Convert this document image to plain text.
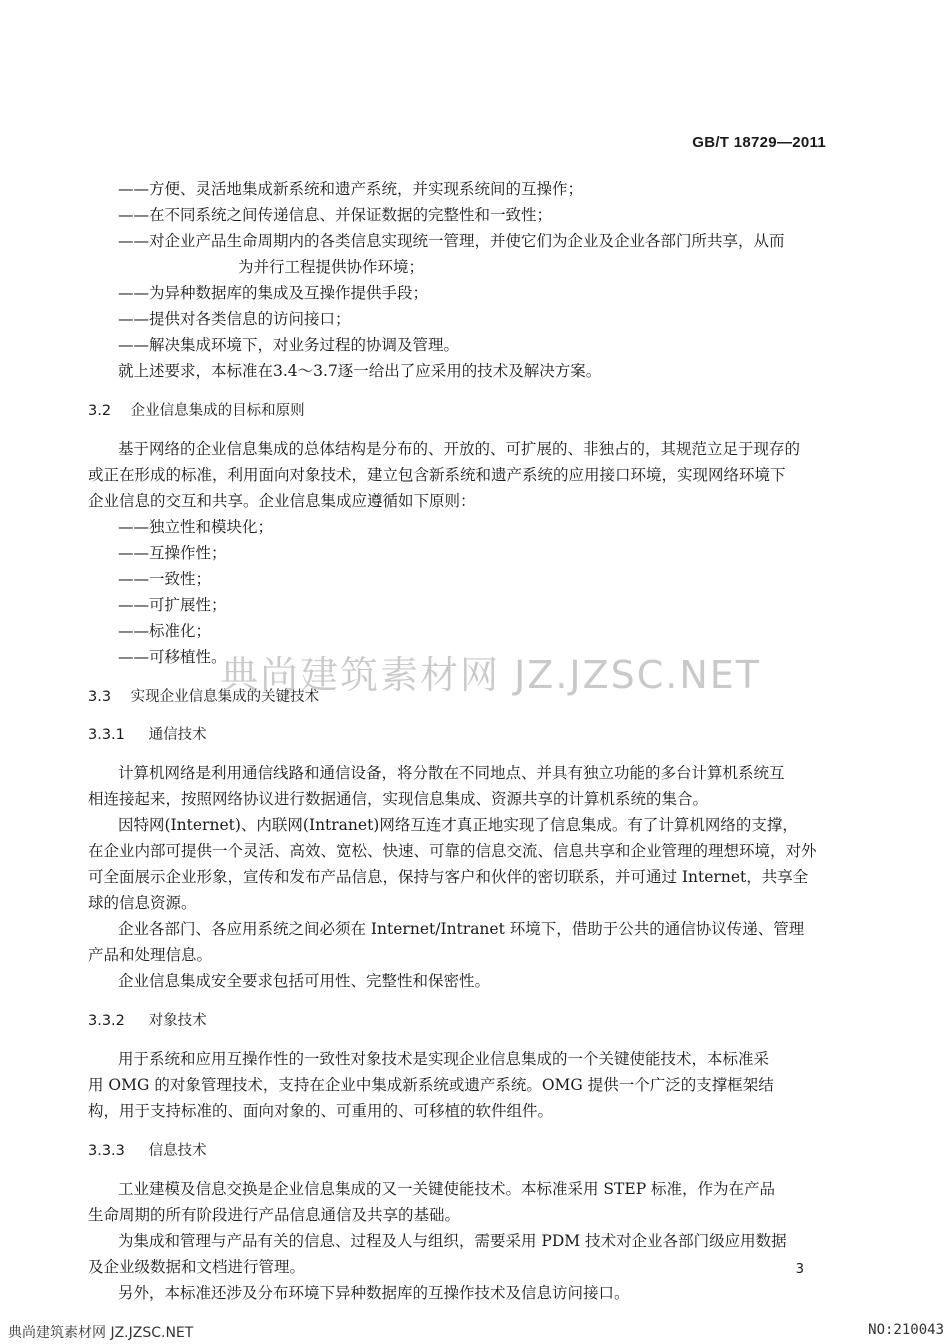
GB/T 18729—2011
——方便、灵活地集成新系统和遗产系统，并实现系统间的互操作；
——在不同系统之间传递信息、并保证数据的完整性和一致性；
——对企业产品生命周期内的各类信息实现统一管理，并使它们为企业及企业各部门所共享，从而
为并行工程提供协作环境；
——为异种数据库的集成及互操作提供手段；
——提供对各类信息的访问接口；
——解决集成环境下，对业务过程的协调及管理。
就上述要求，本标准在3.4～3.7逐一给出了应采用的技术及解决方案。
3.2 企业信息集成的目标和原则
基于网络的企业信息集成的总体结构是分布的、开放的、可扩展的、非独占的，其规范立足于现存的
或正在形成的标准，利用面向对象技术，建立包含新系统和遗产系统的应用接口环境，实现网络环境下
企业信息的交互和共享。企业信息集成应遵循如下原则：
——独立性和模块化；
——互操作性；
——一致性；
——可扩展性；
——标准化；
——可移植性。
3.3 实现企业信息集成的关键技术
3.3.1 通信技术
计算机网络是利用通信线路和通信设备，将分散在不同地点、并具有独立功能的多台计算机系统互
相连接起来，按照网络协议进行数据通信，实现信息集成、资源共享的计算机系统的集合。
因特网(Internet)、内联网(Intranet)网络互连才真正地实现了信息集成。有了计算机网络的支撑，
在企业内部可提供一个灵活、高效、宽松、快速、可靠的信息交流、信息共享和企业管理的理想环境，对外
可全面展示企业形象，宣传和发布产品信息，保持与客户和伙伴的密切联系，并可通过 Internet，共享全
球的信息资源。
企业各部门、各应用系统之间必须在 Internet/Intranet 环境下，借助于公共的通信协议传递、管理
产品和处理信息。
企业信息集成安全要求包括可用性、完整性和保密性。
3.3.2 对象技术
用于系统和应用互操作性的一致性对象技术是实现企业信息集成的一个关键使能技术，本标准采
用 OMG 的对象管理技术，支持在企业中集成新系统或遗产系统。OMG 提供一个广泛的支撑框架结
构，用于支持标准的、面向对象的、可重用的、可移植的软件组件。
3.3.3 信息技术
工业建模及信息交换是企业信息集成的又一关键使能技术。本标准采用 STEP 标准，作为在产品
生命周期的所有阶段进行产品信息通信及共享的基础。
为集成和管理与产品有关的信息、过程及人与组织，需要采用 PDM 技术对企业各部门级应用数据
及企业级数据和文档进行管理。
另外，本标准还涉及分布环境下异种数据库的互操作技术及信息访问接口。
典尚建筑素材网 JZ.JZSC.NET
3
典尚建筑素材网 JZ.JZSC.NET	NO:210043
